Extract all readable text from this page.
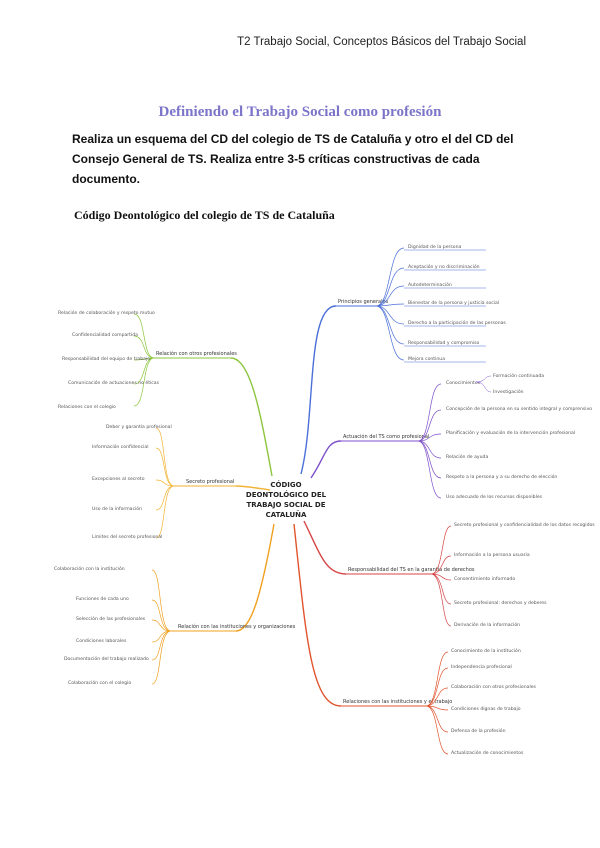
T2 Trabajo Social, Conceptos Básicos del Trabajo Social
Definiendo el Trabajo Social como profesión
Realiza un esquema del CD del colegio de TS de Cataluña y otro el del CD del Consejo General de TS. Realiza entre 3-5 críticas constructivas de cada documento.
Código Deontológico del colegio de TS de Cataluña
CÓDIGO
DEONTOLÓGICO DEL
TRABAJO SOCIAL DE
CATALUÑA
Principios generales
Dignidad de la persona
Aceptación y no discriminación
Autodeterminación
Bienestar de la persona y justicia social
Derecho a la participación de las personas
Responsabilidad y compromiso
Mejora continua
Actuación del TS como profesional
Conocimientos
Formación continuada
Investigación
Concepción de la persona en su sentido integral y comprensivo
Planificación y evaluación de la intervención profesional
Relación de ayuda
Respeto a la persona y a su derecho de elección
Uso adecuado de los recursos disponibles
Responsabilidad del TS en la garantía de derechos
Secreto profesional y confidencialidad de los datos recogidos
Información a la persona usuaria
Consentimiento informado
Secreto profesional: derechos y deberes
Derivación de la información
Relaciones con las instituciones y el trabajo
Conocimiento de la institución
Independencia profesional
Colaboración con otros profesionales
Condiciones dignas de trabajo
Defensa de la profesión
Actualización de conocimientos
Relación con otros profesionales
Relación de colaboración y respeto mutuo
Confidencialidad compartida
Responsabilidad del equipo de trabajo
Comunicación de actuaciones no éticas
Relaciones con el colegio
Secreto profesional
Deber y garantía profesional
Información confidencial
Excepciones al secreto
Uso de la información
Límites del secreto profesional
Relación con las instituciones y organizaciones
Colaboración con la institución
Funciones de cada uno
Selección de las profesionales
Condiciones laborales
Documentación del trabajo realizado
Colaboración con el colegio
